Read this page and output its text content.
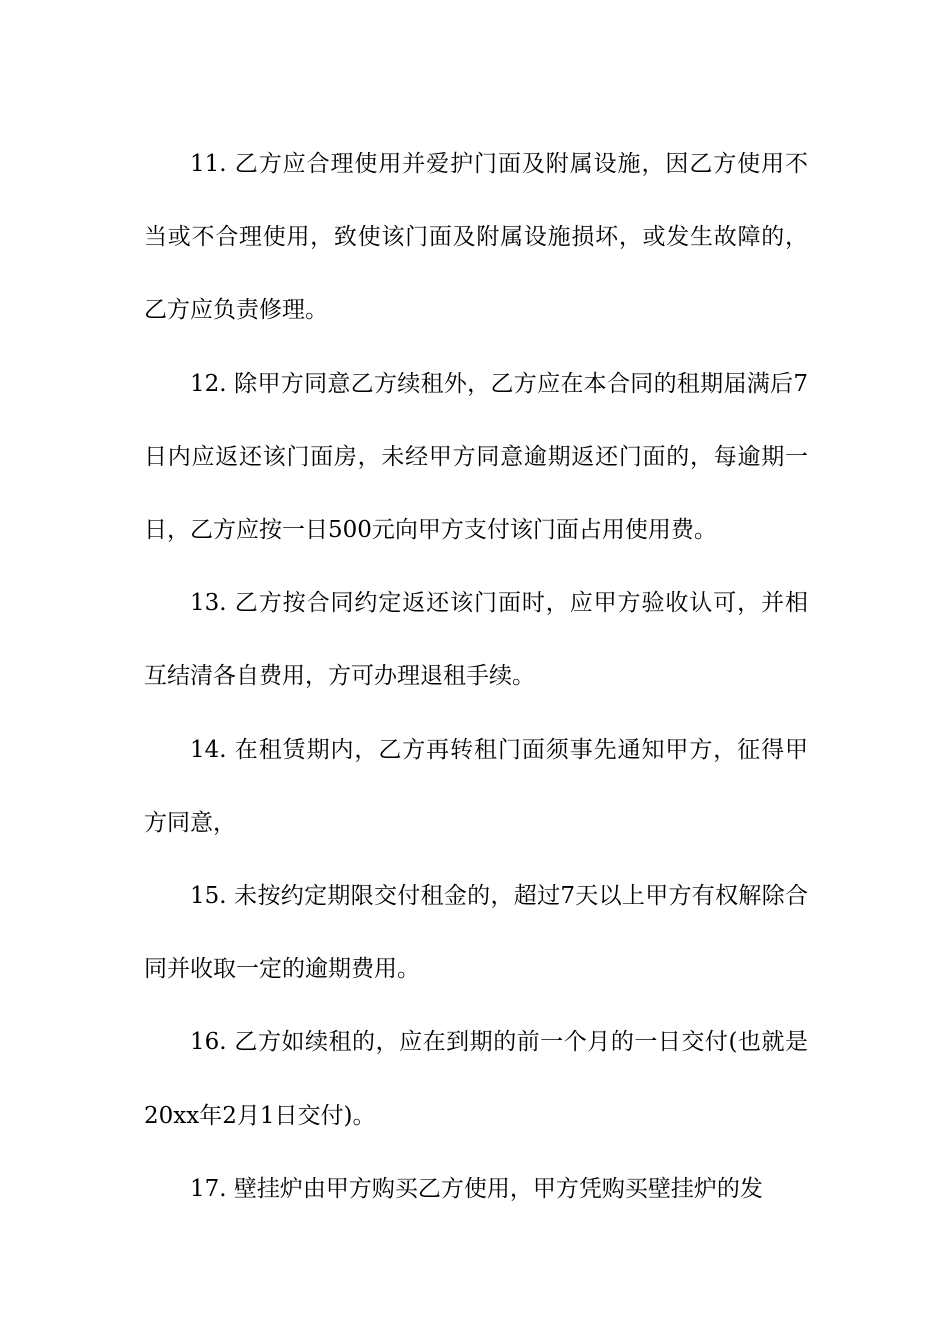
11. 乙方应合理使用并爱护门面及附属设施，因乙方使用不当或不合理使用，致使该门面及附属设施损坏，或发生故障的，乙方应负责修理。

12. 除甲方同意乙方续租外，乙方应在本合同的租期届满后7日内应返还该门面房，未经甲方同意逾期返还门面的，每逾期一日，乙方应按一日500元向甲方支付该门面占用使用费。

13. 乙方按合同约定返还该门面时，应甲方验收认可，并相互结清各自费用，方可办理退租手续。

14. 在租赁期内，乙方再转租门面须事先通知甲方，征得甲方同意，

15. 未按约定期限交付租金的，超过7天以上甲方有权解除合同并收取一定的逾期费用。

16. 乙方如续租的，应在到期的前一个月的一日交付(也就是20xx年2月1日交付)。

17. 壁挂炉由甲方购买乙方使用，甲方凭购买壁挂炉的发
